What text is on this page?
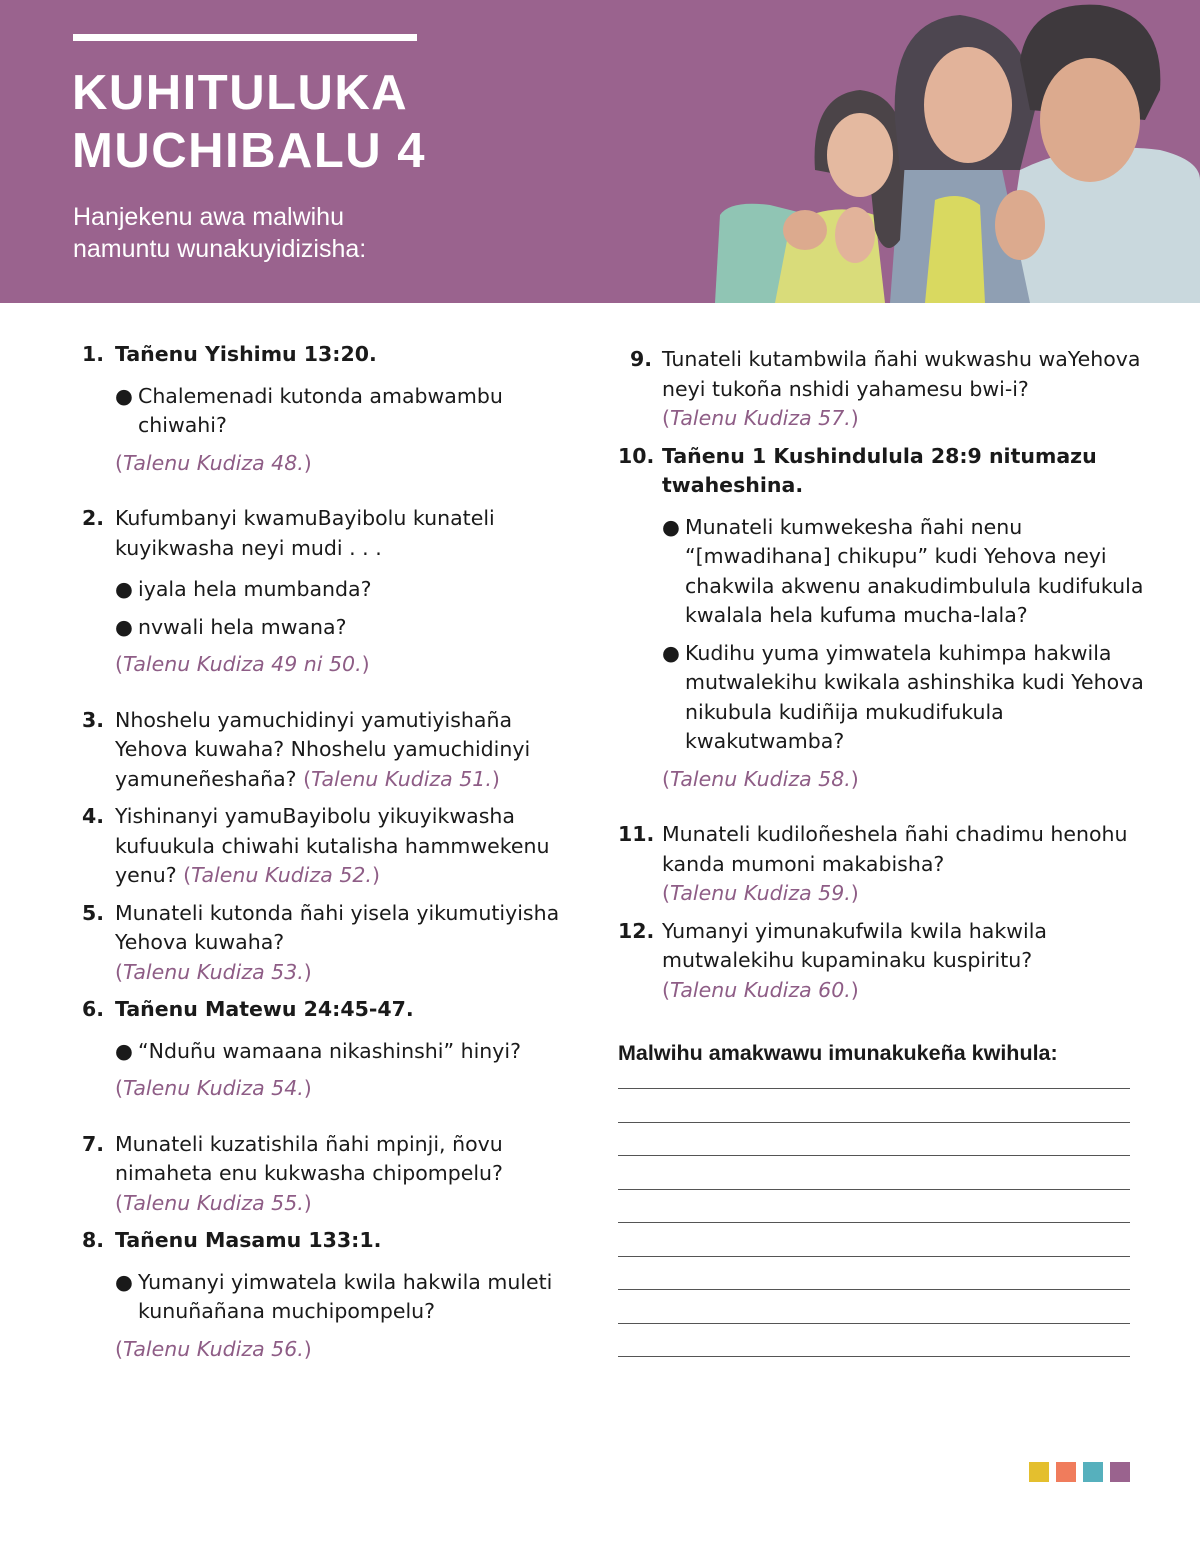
KUHITULUKA
MUCHIBALU 4
Hanjekenu awa malwihu
namuntu wunakuyidizisha:
1. Tañenu Yishimu 13:20.
● Chalemenadi kutonda amabwambu chiwahi?
(Talenu Kudiza 48.)
2. Kufumbanyi kwamuBayibolu kunateli kuyikwasha neyi mudi . . .
● iyala hela mumbanda?
● nvwali hela mwana?
(Talenu Kudiza 49 ni 50.)
3. Nhoshelu yamuchidinyi yamutiyishaña Yehova kuwaha? Nhoshelu yamuchidinyi yamuneñeshaña? (Talenu Kudiza 51.)
4. Yishinanyi yamuBayibolu yikuyikwasha kufuukula chiwahi kutalisha hammwekenu yenu? (Talenu Kudiza 52.)
5. Munateli kutonda ñahi yisela yikumutiyisha Yehova kuwaha?
(Talenu Kudiza 53.)
6. Tañenu Matewu 24:45-47.
● “Nduñu wamaana nikashinshi” hinyi?
(Talenu Kudiza 54.)
7. Munateli kuzatishila ñahi mpinji, ñovu nimaheta enu kukwasha chipompelu?
(Talenu Kudiza 55.)
8. Tañenu Masamu 133:1.
● Yumanyi yimwatela kwila hakwila muleti kunuñañana muchipompelu?
(Talenu Kudiza 56.)
9. Tunateli kutambwila ñahi wukwashu waYehova neyi tukoña nshidi yahamesu bwi-i?
(Talenu Kudiza 57.)
10. Tañenu 1 Kushindulula 28:9 nitumazu twaheshina.
● Munateli kumwekesha ñahi nenu “[mwadihana] chikupu” kudi Yehova neyi chakwila akwenu anakudimbulula kudifukula kwalala hela kufuma mucha-lala?
● Kudihu yuma yimwatela kuhimpa hakwila mutwalekihu kwikala ashinshika kudi Yehova nikubula kudiñija mukudifukula kwakutwamba?
(Talenu Kudiza 58.)
11. Munateli kudiloñeshela ñahi chadimu henohu kanda mumoni makabisha?
(Talenu Kudiza 59.)
12. Yumanyi yimunakufwila kwila hakwila mutwalekihu kupaminaku kuspiritu?
(Talenu Kudiza 60.)
Malwihu amakwawu imunakukeña kwihula:
